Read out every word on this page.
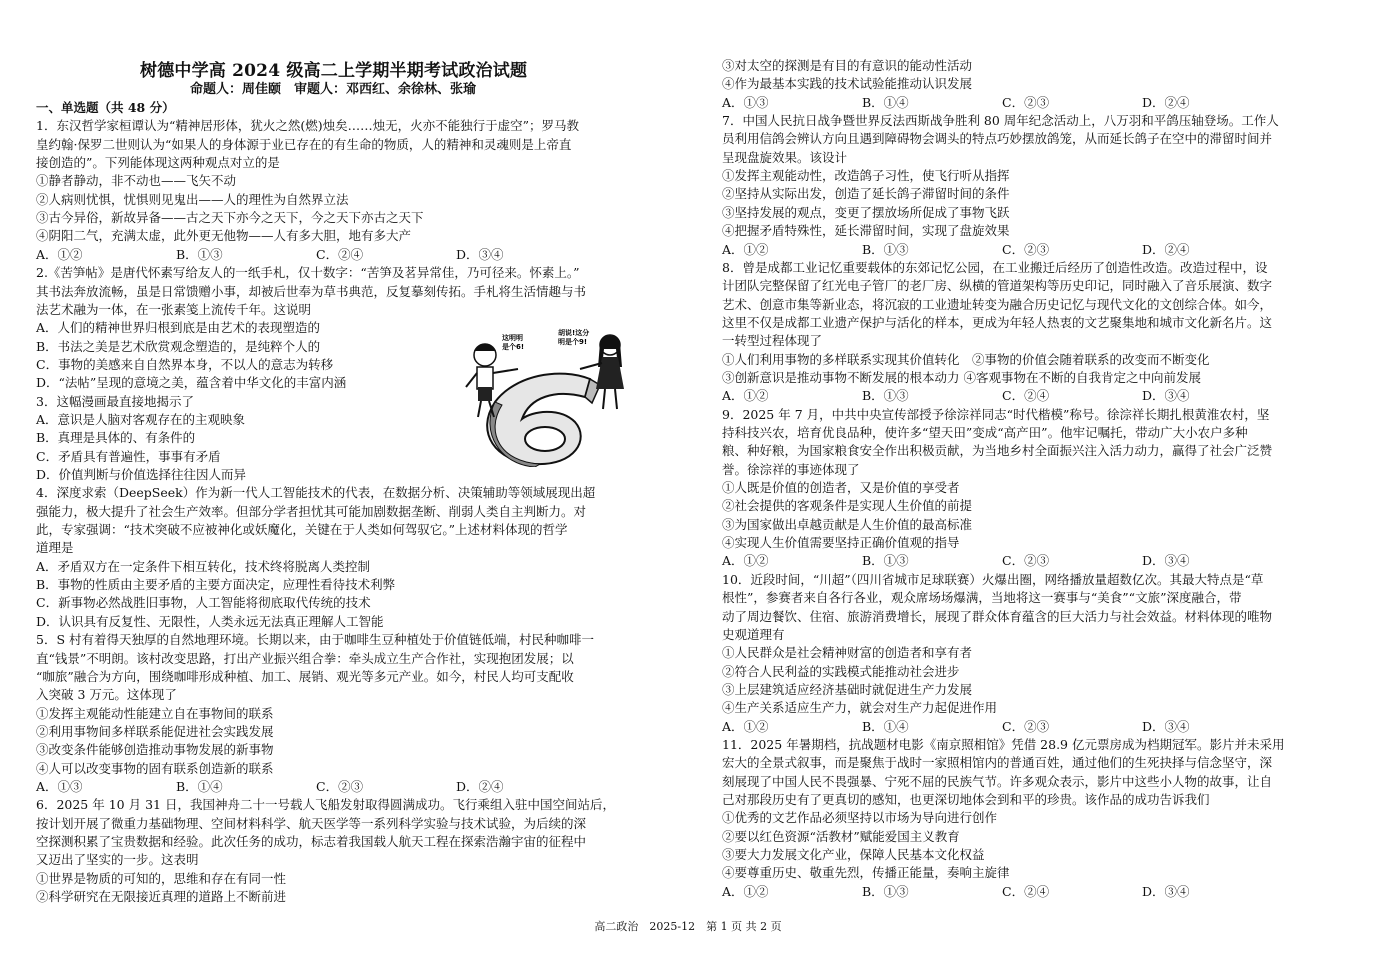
树德中学高 2024 级高二上学期半期考试政治试题
命题人：周佳颐　审题人：邓西红、余徐林、张瑜
一、单选题（共 48 分）
1．东汉哲学家桓谭认为“精神居形体，犹火之然(燃)烛矣……烛无，火亦不能独行于虚空”；罗马教
皇约翰·保罗二世则认为“如果人的身体源于业已存在的有生命的物质，人的精神和灵魂则是上帝直
接创造的”。下列能体现这两种观点对立的是
①静者静动，非不动也——飞矢不动
②人病则忧惧，忧惧则见鬼出——人的理性为自然界立法
③古今异俗，新故异备——古之天下亦今之天下，今之天下亦古之天下
④阴阳二气，充满太虚，此外更无他物——人有多大胆，地有多大产
A．①②	B．①③	C．②④	D．③④
2.《苦笋帖》是唐代怀素写给友人的一纸手札，仅十数字：“苦笋及茗异常佳，乃可径来。怀素上。”
其书法奔放流畅，虽是日常馈赠小事，却被后世奉为草书典范，反复摹刻传拓。手札将生活情趣与书
法艺术融为一体，在一张素笺上流传千年。这说明
A．人们的精神世界归根到底是由艺术的表现塑造的
B．书法之美是艺术欣赏观念塑造的，是纯粹个人的
C．事物的美感来自自然界本身，不以人的意志为转移
D．“法帖”呈现的意境之美，蕴含着中华文化的丰富内涵
3．这幅漫画最直接地揭示了
A．意识是人脑对客观存在的主观映象
B．真理是具体的、有条件的
C．矛盾具有普遍性，事事有矛盾
D．价值判断与价值选择往往因人而异
4．深度求索（DeepSeek）作为新一代人工智能技术的代表，在数据分析、决策辅助等领域展现出超
强能力，极大提升了社会生产效率。但部分学者担忧其可能加剧数据垄断、削弱人类自主判断力。对
此，专家强调：“技术突破不应被神化或妖魔化，关键在于人类如何驾驭它。”上述材料体现的哲学
道理是
A．矛盾双方在一定条件下相互转化，技术终将脱离人类控制
B．事物的性质由主要矛盾的主要方面决定，应理性看待技术利弊
C．新事物必然战胜旧事物，人工智能将彻底取代传统的技术
D．认识具有反复性、无限性，人类永远无法真正理解人工智能
5．S 村有着得天独厚的自然地理环境。长期以来，由于咖啡生豆种植处于价值链低端，村民种咖啡一
直“钱景”不明朗。该村改变思路，打出产业振兴组合拳：牵头成立生产合作社，实现抱团发展；以
“咖旅”融合为方向，围绕咖啡形成种植、加工、展销、观光等多元产业。如今，村民人均可支配收
入突破 3 万元。这体现了
①发挥主观能动性能建立自在事物间的联系
②利用事物间多样联系能促进社会实践发展
③改变条件能够创造推动事物发展的新事物
④人可以改变事物的固有联系创造新的联系
A．①③	B．①④	C．②③	D．②④
6．2025 年 10 月 31 日，我国神舟二十一号载人飞船发射取得圆满成功。飞行乘组入驻中国空间站后，
按计划开展了微重力基础物理、空间材料科学、航天医学等一系列科学实验与技术试验，为后续的深
空探测积累了宝贵数据和经验。此次任务的成功，标志着我国载人航天工程在探索浩瀚宇宙的征程中
又迈出了坚实的一步。这表明
①世界是物质的可知的，思维和存在有同一性
②科学研究在无限接近真理的道路上不断前进
③对太空的探测是有目的有意识的能动性活动
④作为最基本实践的技术试验能推动认识发展
A．①③	B．①④	C．②③	D．②④
7．中国人民抗日战争暨世界反法西斯战争胜利 80 周年纪念活动上，八万羽和平鸽压轴登场。工作人
员利用信鸽会辨认方向且遇到障碍物会调头的特点巧妙摆放鸽笼，从而延长鸽子在空中的滞留时间并
呈现盘旋效果。该设计
①发挥主观能动性，改造鸽子习性，使飞行听从指挥
②坚持从实际出发，创造了延长鸽子滞留时间的条件
③坚持发展的观点，变更了摆放场所促成了事物飞跃
④把握矛盾特殊性，延长滞留时间，实现了盘旋效果
A．①②	B．①③	C．②③	D．②④
8．曾是成都工业记忆重要载体的东郊记忆公园，在工业搬迁后经历了创造性改造。改造过程中，设
计团队完整保留了红光电子管厂的老厂房、纵横的管道架构等历史印记，同时融入了音乐展演、数字
艺术、创意市集等新业态，将沉寂的工业遗址转变为融合历史记忆与现代文化的文创综合体。如今，
这里不仅是成都工业遗产保护与活化的样本，更成为年轻人热衷的文艺聚集地和城市文化新名片。这
一转型过程体现了
①人们利用事物的多样联系实现其价值转化　②事物的价值会随着联系的改变而不断变化
③创新意识是推动事物不断发展的根本动力 ④客观事物在不断的自我肯定之中向前发展
A．①②	B．①③	C．②④	D．③④
9．2025 年 7 月，中共中央宣传部授予徐淙祥同志“时代楷模”称号。徐淙祥长期扎根黄淮农村，坚
持科技兴农，培育优良品种，使许多“望天田”变成“高产田”。他牢记嘱托，带动广大小农户多种
粮、种好粮，为国家粮食安全作出积极贡献，为当地乡村全面振兴注入活力动力，赢得了社会广泛赞
誉。徐淙祥的事迹体现了
①人既是价值的创造者，又是价值的享受者
②社会提供的客观条件是实现人生价值的前提
③为国家做出卓越贡献是人生价值的最高标准
④实现人生价值需要坚持正确价值观的指导
A．①②	B．①③	C．②③	D．③④
10．近段时间，“川超”（四川省城市足球联赛）火爆出圈，网络播放量超数亿次。其最大特点是“草
根性”，参赛者来自各行各业，观众席场场爆满，当地将这一赛事与“美食”“文旅”深度融合，带
动了周边餐饮、住宿、旅游消费增长，展现了群众体育蕴含的巨大活力与社会效益。材料体现的唯物
史观道理有
①人民群众是社会精神财富的创造者和享有者
②符合人民利益的实践模式能推动社会进步
③上层建筑适应经济基础时就促进生产力发展
④生产关系适应生产力，就会对生产力起促进作用
A．①②	B．①④	C．②③	D．③④
11．2025 年暑期档，抗战题材电影《南京照相馆》凭借 28.9 亿元票房成为档期冠军。影片并未采用
宏大的全景式叙事，而是聚焦于战时一家照相馆内的普通百姓，通过他们的生死抉择与信念坚守，深
刻展现了中国人民不畏强暴、宁死不屈的民族气节。许多观众表示，影片中这些小人物的故事，让自
己对那段历史有了更真切的感知，也更深切地体会到和平的珍贵。该作品的成功告诉我们
①优秀的文艺作品必须坚持以市场为导向进行创作
②要以红色资源“活教材”赋能爱国主义教育
③要大力发展文化产业，保障人民基本文化权益
④要尊重历史、敬重先烈，传播正能量，奏响主旋律
A．①②	B．①③	C．②④	D．③④
这明明
是个6!
胡说!这分
明是个9!
高二政治　2025-12　第 1 页 共 2 页
